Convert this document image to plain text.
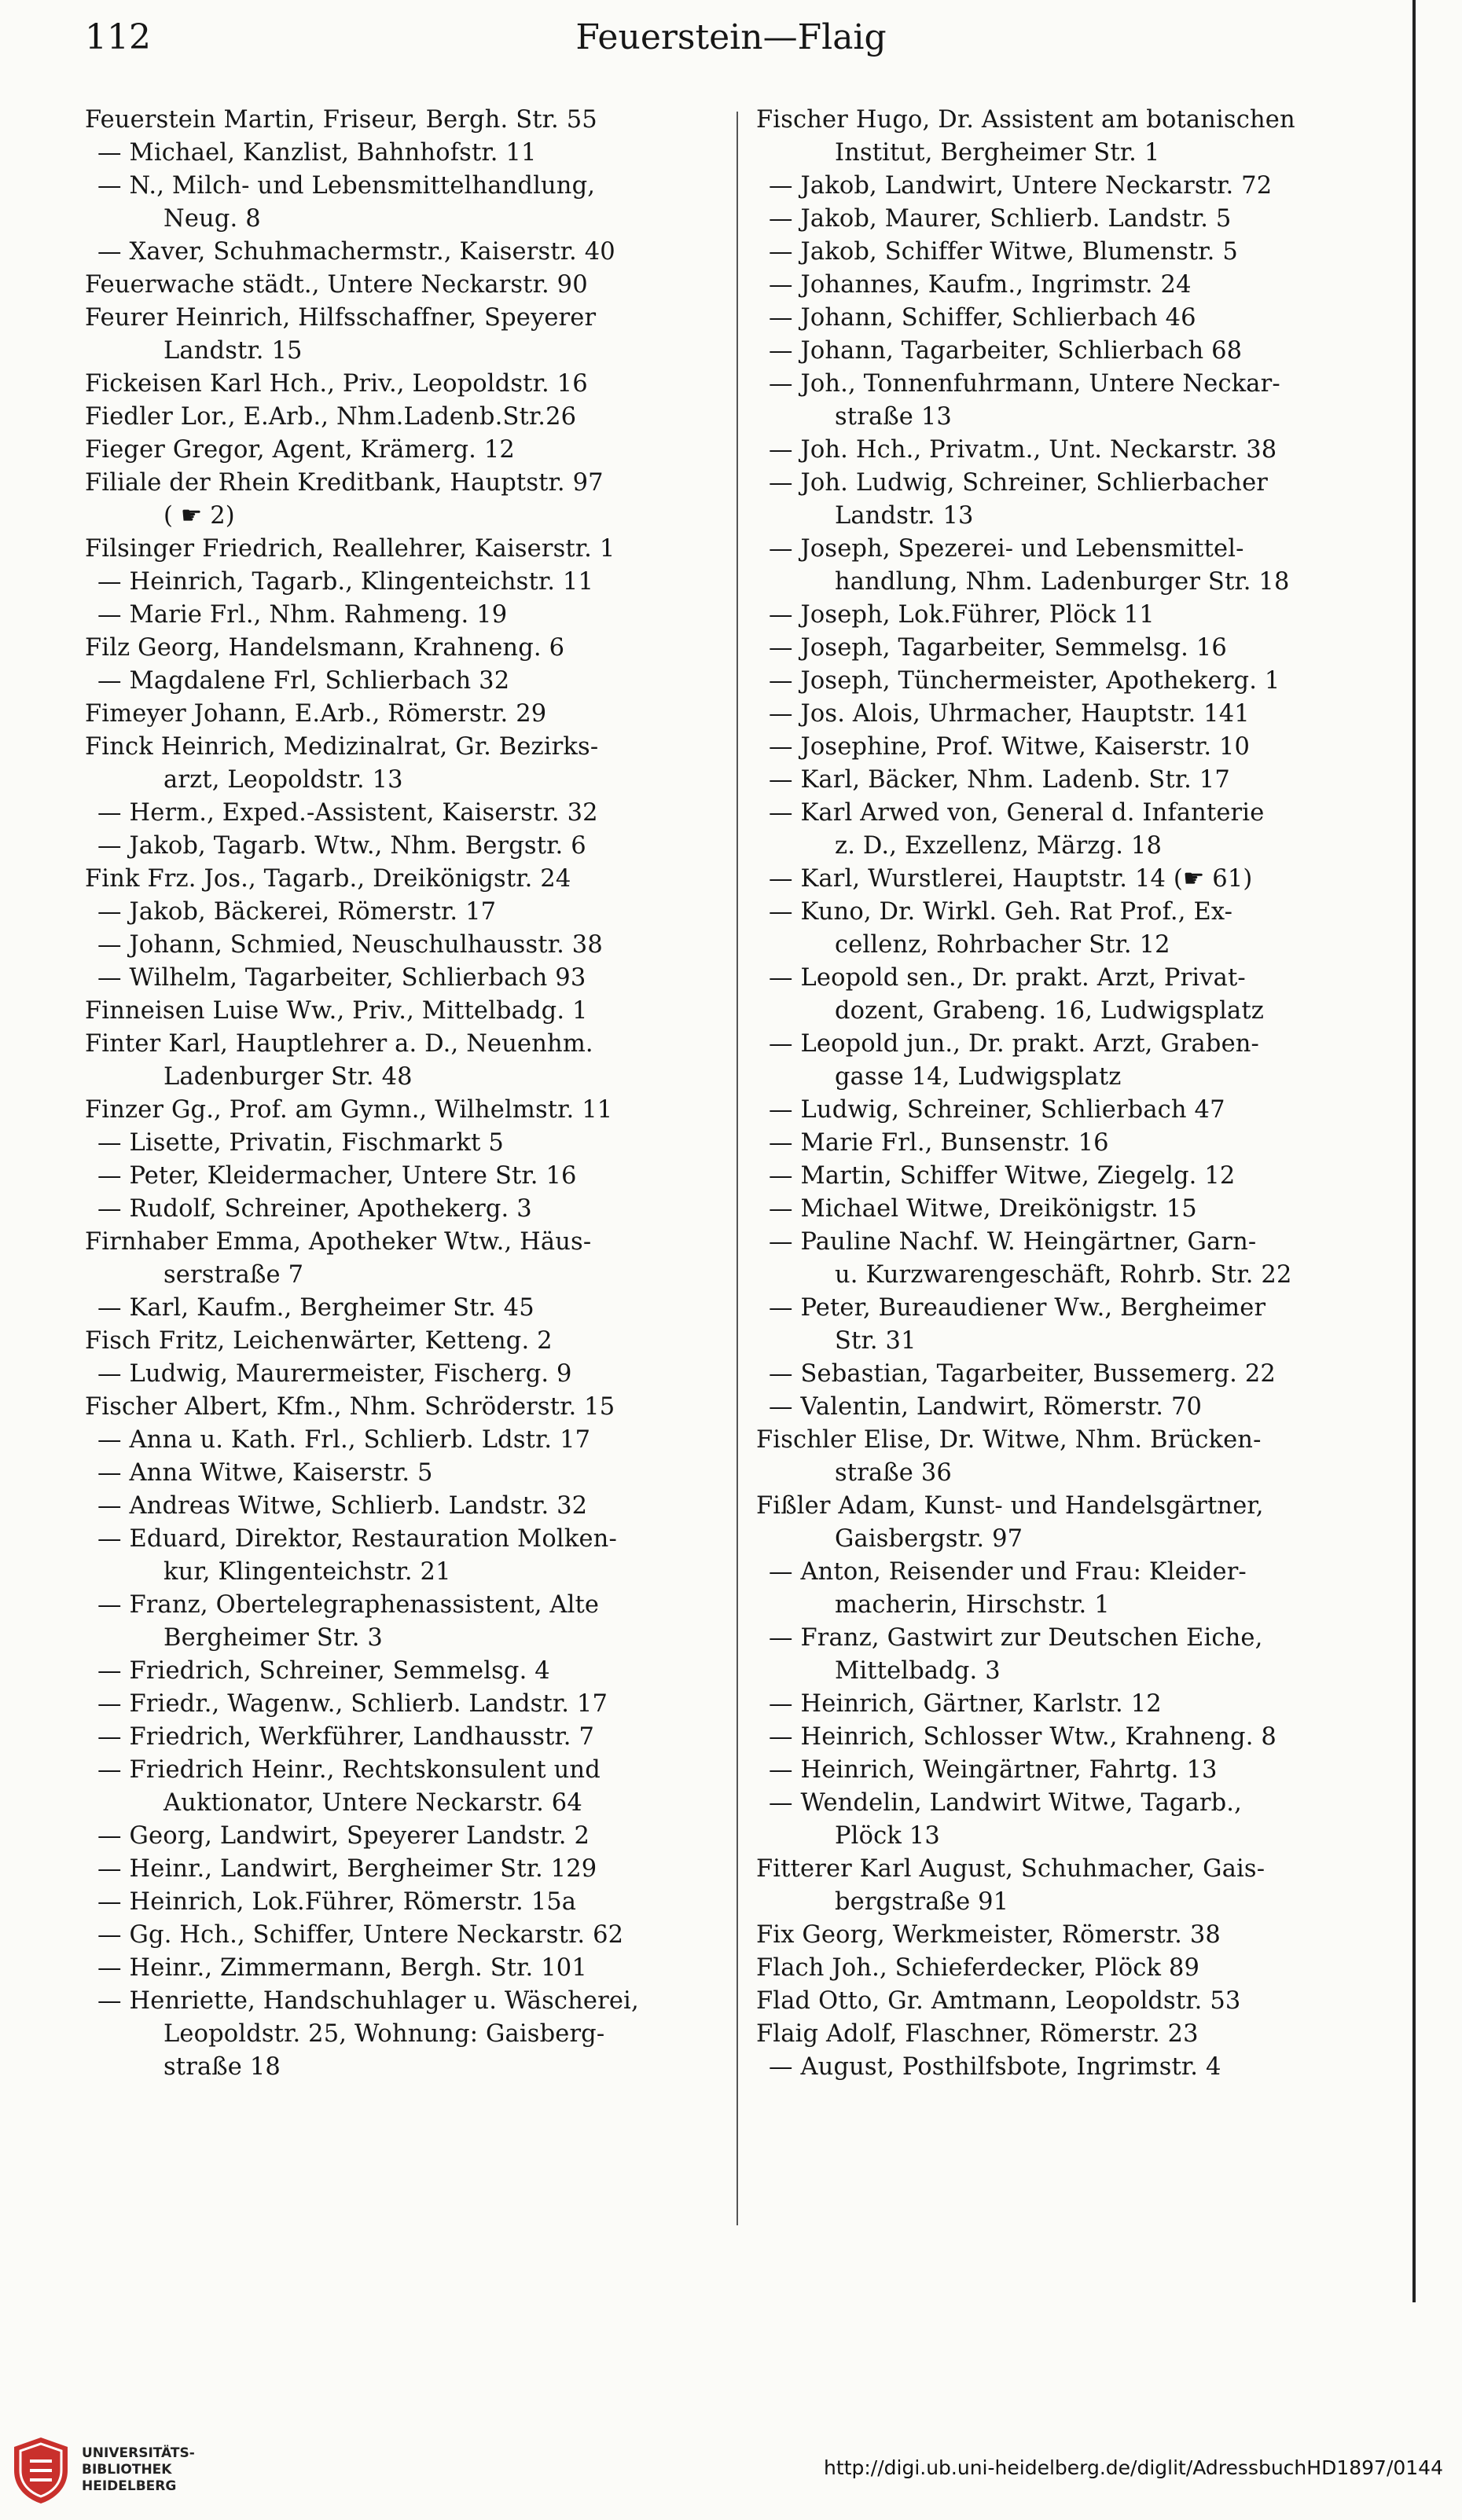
112	Feuerstein—Flaig
Feuerstein Martin, Friseur, Bergh. Str. 55
— Michael, Kanzlist, Bahnhofstr. 11
— N., Milch- und Lebensmittelhandlung,
Neug. 8
— Xaver, Schuhmachermstr., Kaiserstr. 40
Feuerwache städt., Untere Neckarstr. 90
Feurer Heinrich, Hilfsschaffner, Speyerer
Landstr. 15
Fickeisen Karl Hch., Priv., Leopoldstr. 16
Fiedler Lor., E.Arb., Nhm.Ladenb.Str.26
Fieger Gregor, Agent, Krämerg. 12
Filiale der Rhein Kreditbank, Hauptstr. 97
( ☛ 2)
Filsinger Friedrich, Reallehrer, Kaiserstr. 1
— Heinrich, Tagarb., Klingenteichstr. 11
— Marie Frl., Nhm. Rahmeng. 19
Filz Georg, Handelsmann, Krahneng. 6
— Magdalene Frl, Schlierbach 32
Fimeyer Johann, E.Arb., Römerstr. 29
Finck Heinrich, Medizinalrat, Gr. Bezirks-
arzt, Leopoldstr. 13
— Herm., Exped.-Assistent, Kaiserstr. 32
— Jakob, Tagarb. Wtw., Nhm. Bergstr. 6
Fink Frz. Jos., Tagarb., Dreikönigstr. 24
— Jakob, Bäckerei, Römerstr. 17
— Johann, Schmied, Neuschulhausstr. 38
— Wilhelm, Tagarbeiter, Schlierbach 93
Finneisen Luise Ww., Priv., Mittelbadg. 1
Finter Karl, Hauptlehrer a. D., Neuenhm.
Ladenburger Str. 48
Finzer Gg., Prof. am Gymn., Wilhelmstr. 11
— Lisette, Privatin, Fischmarkt 5
— Peter, Kleidermacher, Untere Str. 16
— Rudolf, Schreiner, Apothekerg. 3
Firnhaber Emma, Apotheker Wtw., Häus-
serstraße 7
— Karl, Kaufm., Bergheimer Str. 45
Fisch Fritz, Leichenwärter, Ketteng. 2
— Ludwig, Maurermeister, Fischerg. 9
Fischer Albert, Kfm., Nhm. Schröderstr. 15
— Anna u. Kath. Frl., Schlierb. Ldstr. 17
— Anna Witwe, Kaiserstr. 5
— Andreas Witwe, Schlierb. Landstr. 32
— Eduard, Direktor, Restauration Molken-
kur, Klingenteichstr. 21
— Franz, Obertelegraphenassistent, Alte
Bergheimer Str. 3
— Friedrich, Schreiner, Semmelsg. 4
— Friedr., Wagenw., Schlierb. Landstr. 17
— Friedrich, Werkführer, Landhausstr. 7
— Friedrich Heinr., Rechtskonsulent und
Auktionator, Untere Neckarstr. 64
— Georg, Landwirt, Speyerer Landstr. 2
— Heinr., Landwirt, Bergheimer Str. 129
— Heinrich, Lok.Führer, Römerstr. 15a
— Gg. Hch., Schiffer, Untere Neckarstr. 62
— Heinr., Zimmermann, Bergh. Str. 101
— Henriette, Handschuhlager u. Wäscherei,
Leopoldstr. 25, Wohnung: Gaisberg-
straße 18
Fischer Hugo, Dr. Assistent am botanischen
Institut, Bergheimer Str. 1
— Jakob, Landwirt, Untere Neckarstr. 72
— Jakob, Maurer, Schlierb. Landstr. 5
— Jakob, Schiffer Witwe, Blumenstr. 5
— Johannes, Kaufm., Ingrimstr. 24
— Johann, Schiffer, Schlierbach 46
— Johann, Tagarbeiter, Schlierbach 68
— Joh., Tonnenfuhrmann, Untere Neckar-
straße 13
— Joh. Hch., Privatm., Unt. Neckarstr. 38
— Joh. Ludwig, Schreiner, Schlierbacher
Landstr. 13
— Joseph, Spezerei- und Lebensmittel-
handlung, Nhm. Ladenburger Str. 18
— Joseph, Lok.Führer, Plöck 11
— Joseph, Tagarbeiter, Semmelsg. 16
— Joseph, Tünchermeister, Apothekerg. 1
— Jos. Alois, Uhrmacher, Hauptstr. 141
— Josephine, Prof. Witwe, Kaiserstr. 10
— Karl, Bäcker, Nhm. Ladenb. Str. 17
— Karl Arwed von, General d. Infanterie
z. D., Exzellenz, Märzg. 18
— Karl, Wurstlerei, Hauptstr. 14 (☛ 61)
— Kuno, Dr. Wirkl. Geh. Rat Prof., Ex-
cellenz, Rohrbacher Str. 12
— Leopold sen., Dr. prakt. Arzt, Privat-
dozent, Grabeng. 16, Ludwigsplatz
— Leopold jun., Dr. prakt. Arzt, Graben-
gasse 14, Ludwigsplatz
— Ludwig, Schreiner, Schlierbach 47
— Marie Frl., Bunsenstr. 16
— Martin, Schiffer Witwe, Ziegelg. 12
— Michael Witwe, Dreikönigstr. 15
— Pauline Nachf. W. Heingärtner, Garn-
u. Kurzwarengeschäft, Rohrb. Str. 22
— Peter, Bureaudiener Ww., Bergheimer
Str. 31
— Sebastian, Tagarbeiter, Bussemerg. 22
— Valentin, Landwirt, Römerstr. 70
Fischler Elise, Dr. Witwe, Nhm. Brücken-
straße 36
Fißler Adam, Kunst- und Handelsgärtner,
Gaisbergstr. 97
— Anton, Reisender und Frau: Kleider-
macherin, Hirschstr. 1
— Franz, Gastwirt zur Deutschen Eiche,
Mittelbadg. 3
— Heinrich, Gärtner, Karlstr. 12
— Heinrich, Schlosser Wtw., Krahneng. 8
— Heinrich, Weingärtner, Fahrtg. 13
— Wendelin, Landwirt Witwe, Tagarb.,
Plöck 13
Fitterer Karl August, Schuhmacher, Gais-
bergstraße 91
Fix Georg, Werkmeister, Römerstr. 38
Flach Joh., Schieferdecker, Plöck 89
Flad Otto, Gr. Amtmann, Leopoldstr. 53
Flaig Adolf, Flaschner, Römerstr. 23
— August, Posthilfsbote, Ingrimstr. 4
UNIVERSITÄTS-
BIBLIOTHEK
HEIDELBERG
http://digi.ub.uni-heidelberg.de/diglit/AdressbuchHD1897/0144
